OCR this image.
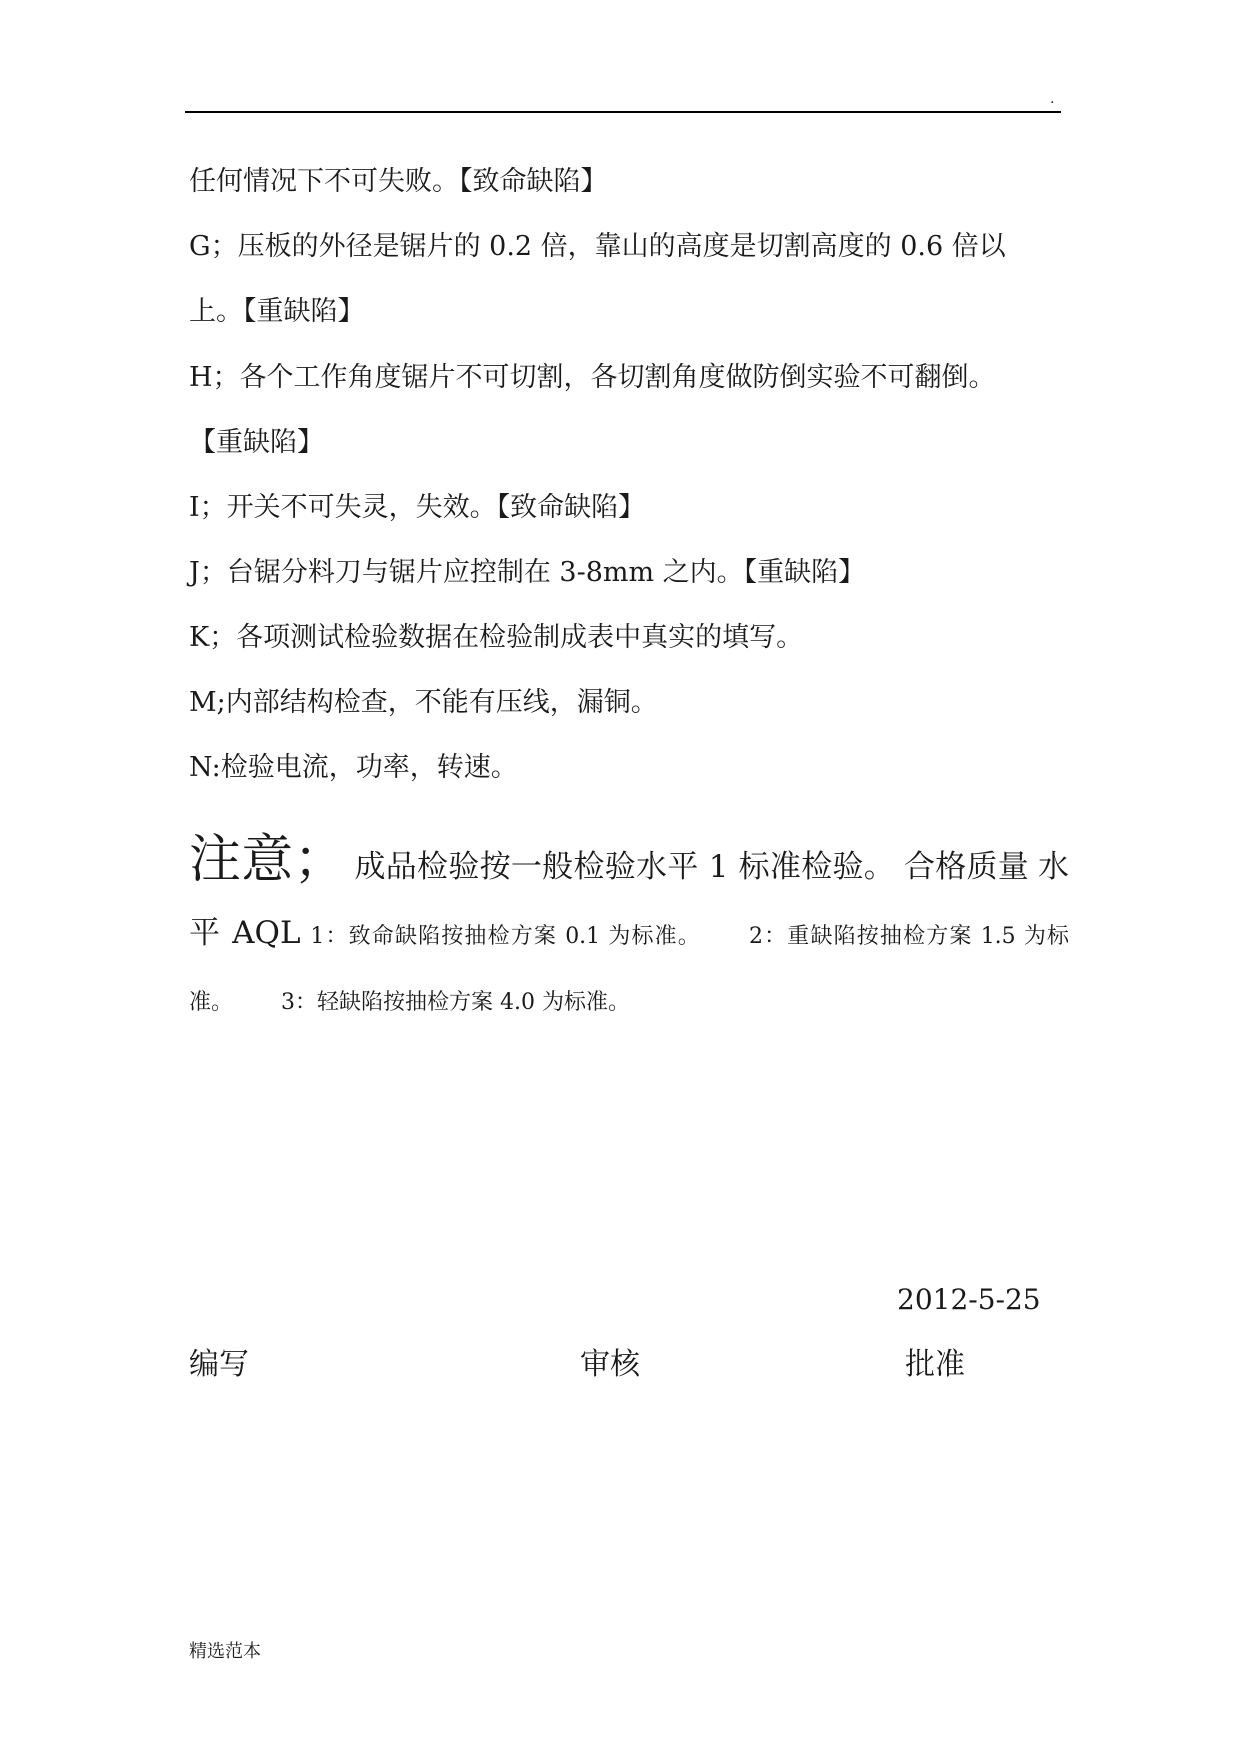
.
任何情况下不可失败。【致命缺陷】
G；压板的外径是锯片的 0.2 倍，靠山的高度是切割高度的 0.6 倍以
上。【重缺陷】
H；各个工作角度锯片不可切割，各切割角度做防倒实验不可翻倒。
【重缺陷】
I；开关不可失灵，失效。【致命缺陷】
J；台锯分料刀与锯片应控制在 3-8mm 之内。【重缺陷】
K；各项测试检验数据在检验制成表中真实的填写。
M;内部结构检查，不能有压线，漏铜。
N:检验电流，功率，转速。
注意； 成品检验按一般检验水平 1 标准检验。 合格质量 水平 AQL 1：致命缺陷按抽检方案 0.1 为标准。 2：重缺陷按抽检方案 1.5 为标准。 3：轻缺陷按抽检方案 4.0 为标准。
2012-5-25
编写	审核	批准
精选范本
